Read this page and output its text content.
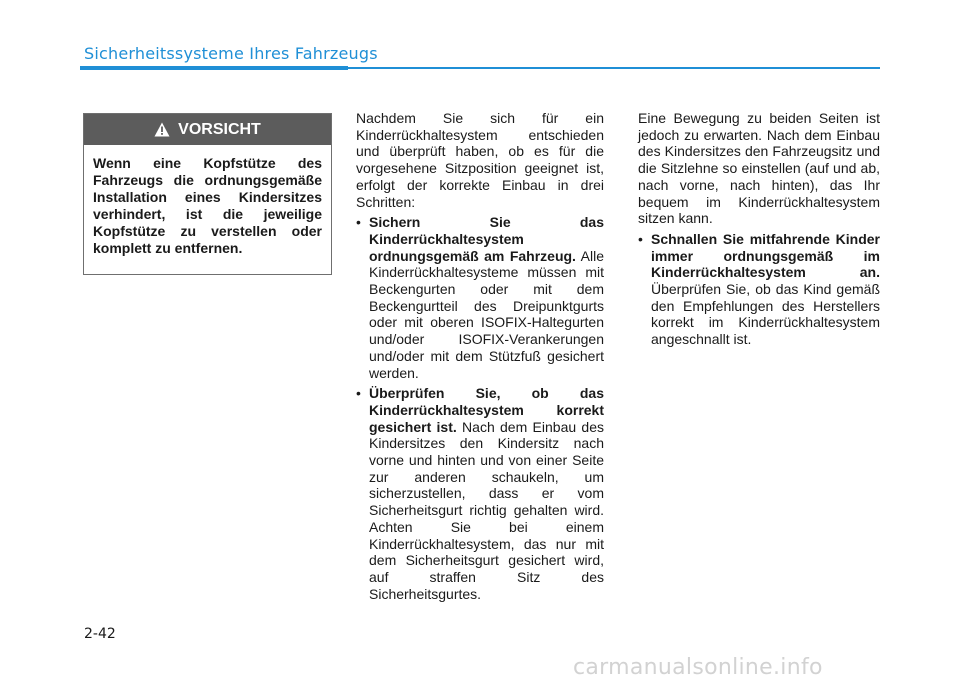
Sicherheitssysteme Ihres Fahrzeugs
VORSICHT
Wenn eine Kopfstütze des Fahrzeugs die ordnungsgemäße Installation eines Kindersitzes verhindert, ist die jeweilige Kopfstütze zu verstellen oder komplett zu entfernen.

Nachdem Sie sich für ein Kinderrückhaltesystem entschieden und überprüft haben, ob es für die vorgesehene Sitzposition geeignet ist, erfolgt der korrekte Einbau in drei Schritten:

• Sichern Sie das Kinderrückhaltesystem ordnungsgemäß am Fahrzeug. Alle Kinderrückhaltesysteme müssen mit Beckengurten oder mit dem Beckengurtteil des Dreipunktgurts oder mit oberen ISOFIX-Haltegurten und/oder ISOFIX-Verankerungen und/oder mit dem Stützfuß gesichert werden.
• Überprüfen Sie, ob das Kinderrückhaltesystem korrekt gesichert ist. Nach dem Einbau des Kindersitzes den Kindersitz nach vorne und hinten und von einer Seite zur anderen schaukeln, um sicherzustellen, dass er vom Sicherheitsgurt richtig gehalten wird. Achten Sie bei einem Kinderrückhaltesystem, das nur mit dem Sicherheitsgurt gesichert wird, auf straffen Sitz des Sicherheitsgurtes.

Eine Bewegung zu beiden Seiten ist jedoch zu erwarten. Nach dem Einbau des Kindersitzes den Fahrzeugsitz und die Sitzlehne so einstellen (auf und ab, nach vorne, nach hinten), das Ihr bequem im Kinderrückhaltesystem sitzen kann.

• Schnallen Sie mitfahrende Kinder immer ordnungsgemäß im Kinderrückhaltesystem an. Überprüfen Sie, ob das Kind gemäß den Empfehlungen des Herstellers korrekt im Kinderrückhaltesystem angeschnallt ist.
2-42
carmanualsonline.info
